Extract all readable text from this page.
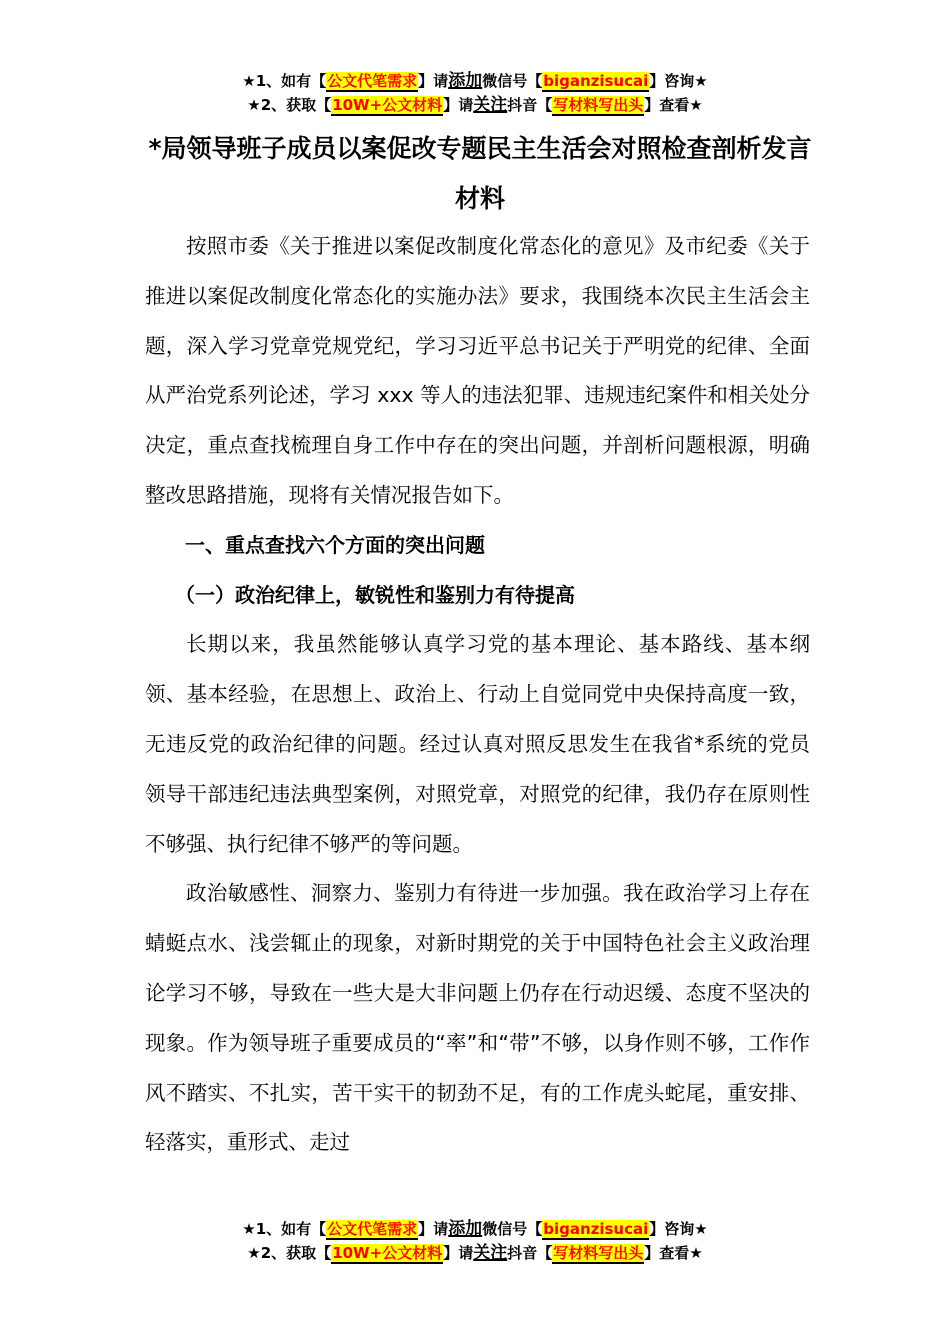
★1、如有【公文代笔需求】请添加微信号【biganzisucai】咨询★
★2、获取【10W+公文材料】请关注抖音【写材料写出头】查看★
*局领导班子成员以案促改专题民主生活会对照检查剖析发言材料

按照市委《关于推进以案促改制度化常态化的意见》及市纪委《关于推进以案促改制度化常态化的实施办法》要求，我围绕本次民主生活会主题，深入学习党章党规党纪，学习习近平总书记关于严明党的纪律、全面从严治党系列论述，学习 xxx 等人的违法犯罪、违规违纪案件和相关处分决定，重点查找梳理自身工作中存在的突出问题，并剖析问题根源，明确整改思路措施，现将有关情况报告如下。

一、重点查找六个方面的突出问题

（一）政治纪律上，敏锐性和鉴别力有待提高

长期以来，我虽然能够认真学习党的基本理论、基本路线、基本纲领、基本经验，在思想上、政治上、行动上自觉同党中央保持高度一致，无违反党的政治纪律的问题。经过认真对照反思发生在我省*系统的党员领导干部违纪违法典型案例，对照党章，对照党的纪律，我仍存在原则性不够强、执行纪律不够严的等问题。

政治敏感性、洞察力、鉴别力有待进一步加强。我在政治学习上存在蜻蜓点水、浅尝辄止的现象，对新时期党的关于中国特色社会主义政治理论学习不够，导致在一些大是大非问题上仍存在行动迟缓、态度不坚决的现象。作为领导班子重要成员的“率”和“带”不够，以身作则不够，工作作风不踏实、不扎实，苦干实干的韧劲不足，有的工作虎头蛇尾，重安排、轻落实，重形式、走过

★1、如有【公文代笔需求】请添加微信号【biganzisucai】咨询★
★2、获取【10W+公文材料】请关注抖音【写材料写出头】查看★
